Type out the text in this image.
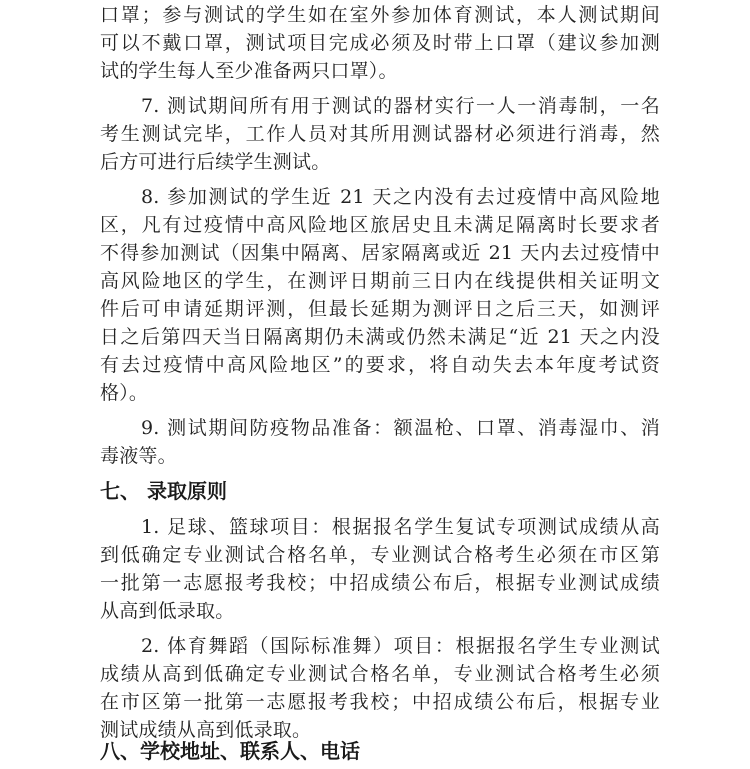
口罩；参与测试的学生如在室外参加体育测试，本人测试期间
可以不戴口罩，测试项目完成必须及时带上口罩（建议参加测
试的学生每人至少准备两只口罩）。
7. 测试期间所有用于测试的器材实行一人一消毒制，一名
考生测试完毕，工作人员对其所用测试器材必须进行消毒，然
后方可进行后续学生测试。
8. 参加测试的学生近 21 天之内没有去过疫情中高风险地
区，凡有过疫情中高风险地区旅居史且未满足隔离时长要求者
不得参加测试（因集中隔离、居家隔离或近 21 天内去过疫情中
高风险地区的学生，在测评日期前三日内在线提供相关证明文
件后可申请延期评测，但最长延期为测评日之后三天，如测评
日之后第四天当日隔离期仍未满或仍然未满足“近 21 天之内没
有去过疫情中高风险地区”的要求，将自动失去本年度考试资
格）。
9. 测试期间防疫物品准备：额温枪、口罩、消毒湿巾、消
毒液等。
七、 录取原则
1. 足球、篮球项目：根据报名学生复试专项测试成绩从高
到低确定专业测试合格名单，专业测试合格考生必须在市区第
一批第一志愿报考我校；中招成绩公布后，根据专业测试成绩
从高到低录取。
2. 体育舞蹈（国际标准舞）项目：根据报名学生专业测试
成绩从高到低确定专业测试合格名单，专业测试合格考生必须
在市区第一批第一志愿报考我校；中招成绩公布后，根据专业
测试成绩从高到低录取。
八、学校地址、联系人、电话
